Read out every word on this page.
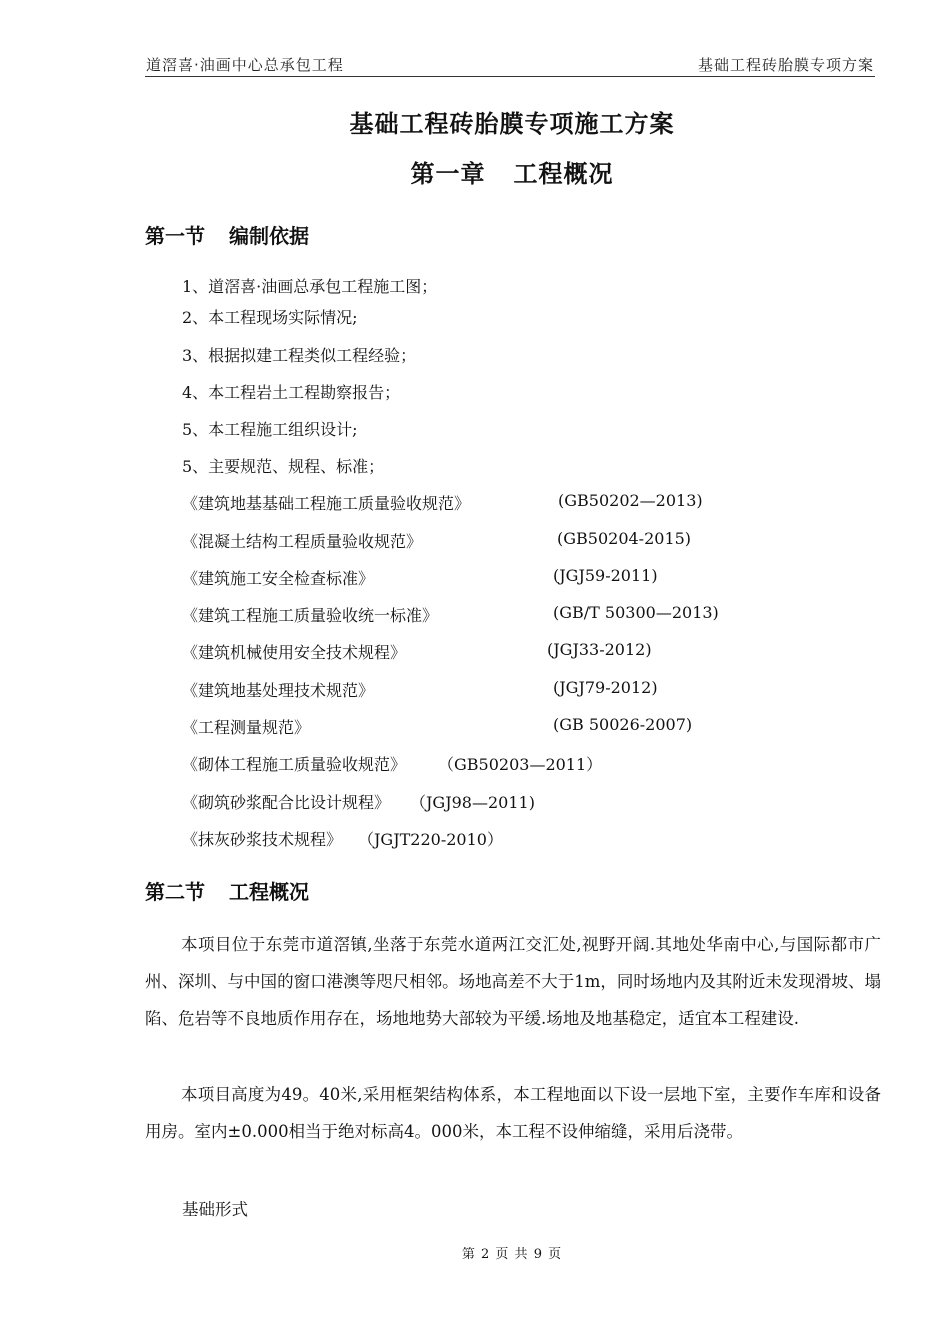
道滘喜·油画中心总承包工程	基础工程砖胎膜专项方案
基础工程砖胎膜专项施工方案
第一章 工程概况
第一节 编制依据
1、道滘喜·油画总承包工程施工图；
2、本工程现场实际情况;
3、根据拟建工程类似工程经验；
4、本工程岩土工程勘察报告；
5、本工程施工组织设计;
5、主要规范、规程、标准；
《建筑地基基础工程施工质量验收规范》	(GB50202—2013)
《混凝土结构工程质量验收规范》	(GB50204-2015)
《建筑施工安全检查标准》	(JGJ59-2011)
《建筑工程施工质量验收统一标准》	(GB/T 50300—2013)
《建筑机械使用安全技术规程》	(JGJ33-2012)
《建筑地基处理技术规范》	(JGJ79-2012)
《工程测量规范》	(GB 50026-2007)
《砌体工程施工质量验收规范》 （GB50203—2011）
《砌筑砂浆配合比设计规程》 （JGJ98—2011)
《抹灰砂浆技术规程》 （JGJT220-2010）
第二节 工程概况
本项目位于东莞市道滘镇,坐落于东莞水道两江交汇处,视野开阔.其地处华南中心,与国际都市广州、深圳、与中国的窗口港澳等咫尺相邻。场地高差不大于1m，同时场地内及其附近未发现滑坡、塌陷、危岩等不良地质作用存在，场地地势大部较为平缓.场地及地基稳定，适宜本工程建设.
本项目高度为49。40米,采用框架结构体系，本工程地面以下设一层地下室，主要作车库和设备用房。室内±0.000相当于绝对标高4。000米，本工程不设伸缩缝，采用后浇带。
基础形式
第 2 页 共 9 页
